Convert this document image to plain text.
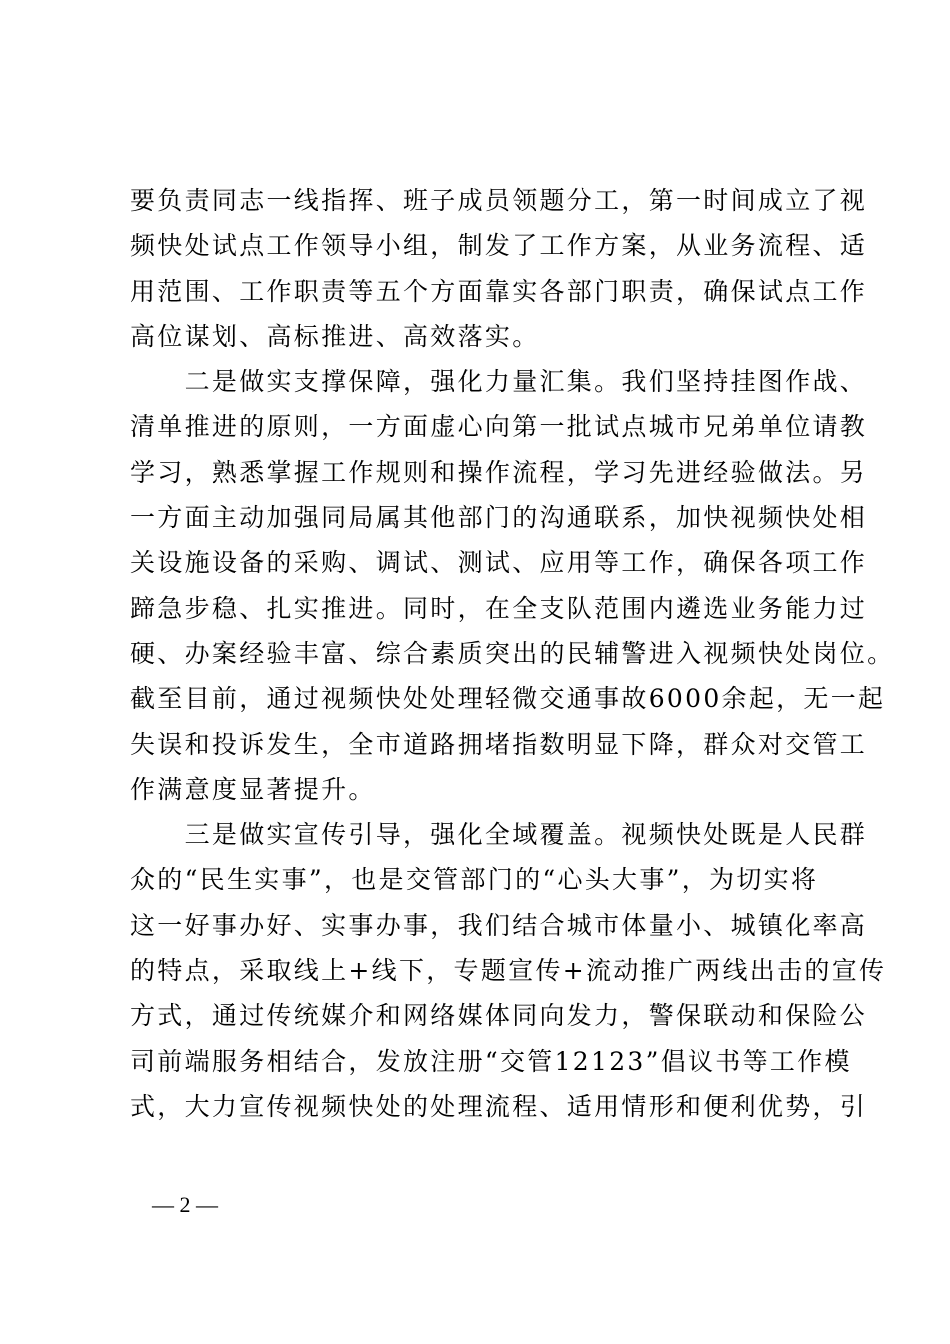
要负责同志一线指挥、班子成员领题分工，第一时间成立了视
频快处试点工作领导小组，制发了工作方案，从业务流程、适
用范围、工作职责等五个方面靠实各部门职责，确保试点工作
高位谋划、高标推进、高效落实。
　　二是做实支撑保障，强化力量汇集。我们坚持挂图作战、
清单推进的原则，一方面虚心向第一批试点城市兄弟单位请教
学习，熟悉掌握工作规则和操作流程，学习先进经验做法。另
一方面主动加强同局属其他部门的沟通联系，加快视频快处相
关设施设备的采购、调试、测试、应用等工作，确保各项工作
蹄急步稳、扎实推进。同时，在全支队范围内遴选业务能力过
硬、办案经验丰富、综合素质突出的民辅警进入视频快处岗位。
截至目前，通过视频快处处理轻微交通事故6000余起，无一起
失误和投诉发生，全市道路拥堵指数明显下降，群众对交管工
作满意度显著提升。
　　三是做实宣传引导，强化全域覆盖。视频快处既是人民群
众的“民生实事”，也是交管部门的“心头大事”，为切实将
这一好事办好、实事办事，我们结合城市体量小、城镇化率高
的特点，采取线上+线下，专题宣传+流动推广两线出击的宣传
方式，通过传统媒介和网络媒体同向发力，警保联动和保险公
司前端服务相结合，发放注册“交管12123”倡议书等工作模
式，大力宣传视频快处的处理流程、适用情形和便利优势，引
— 2 —
